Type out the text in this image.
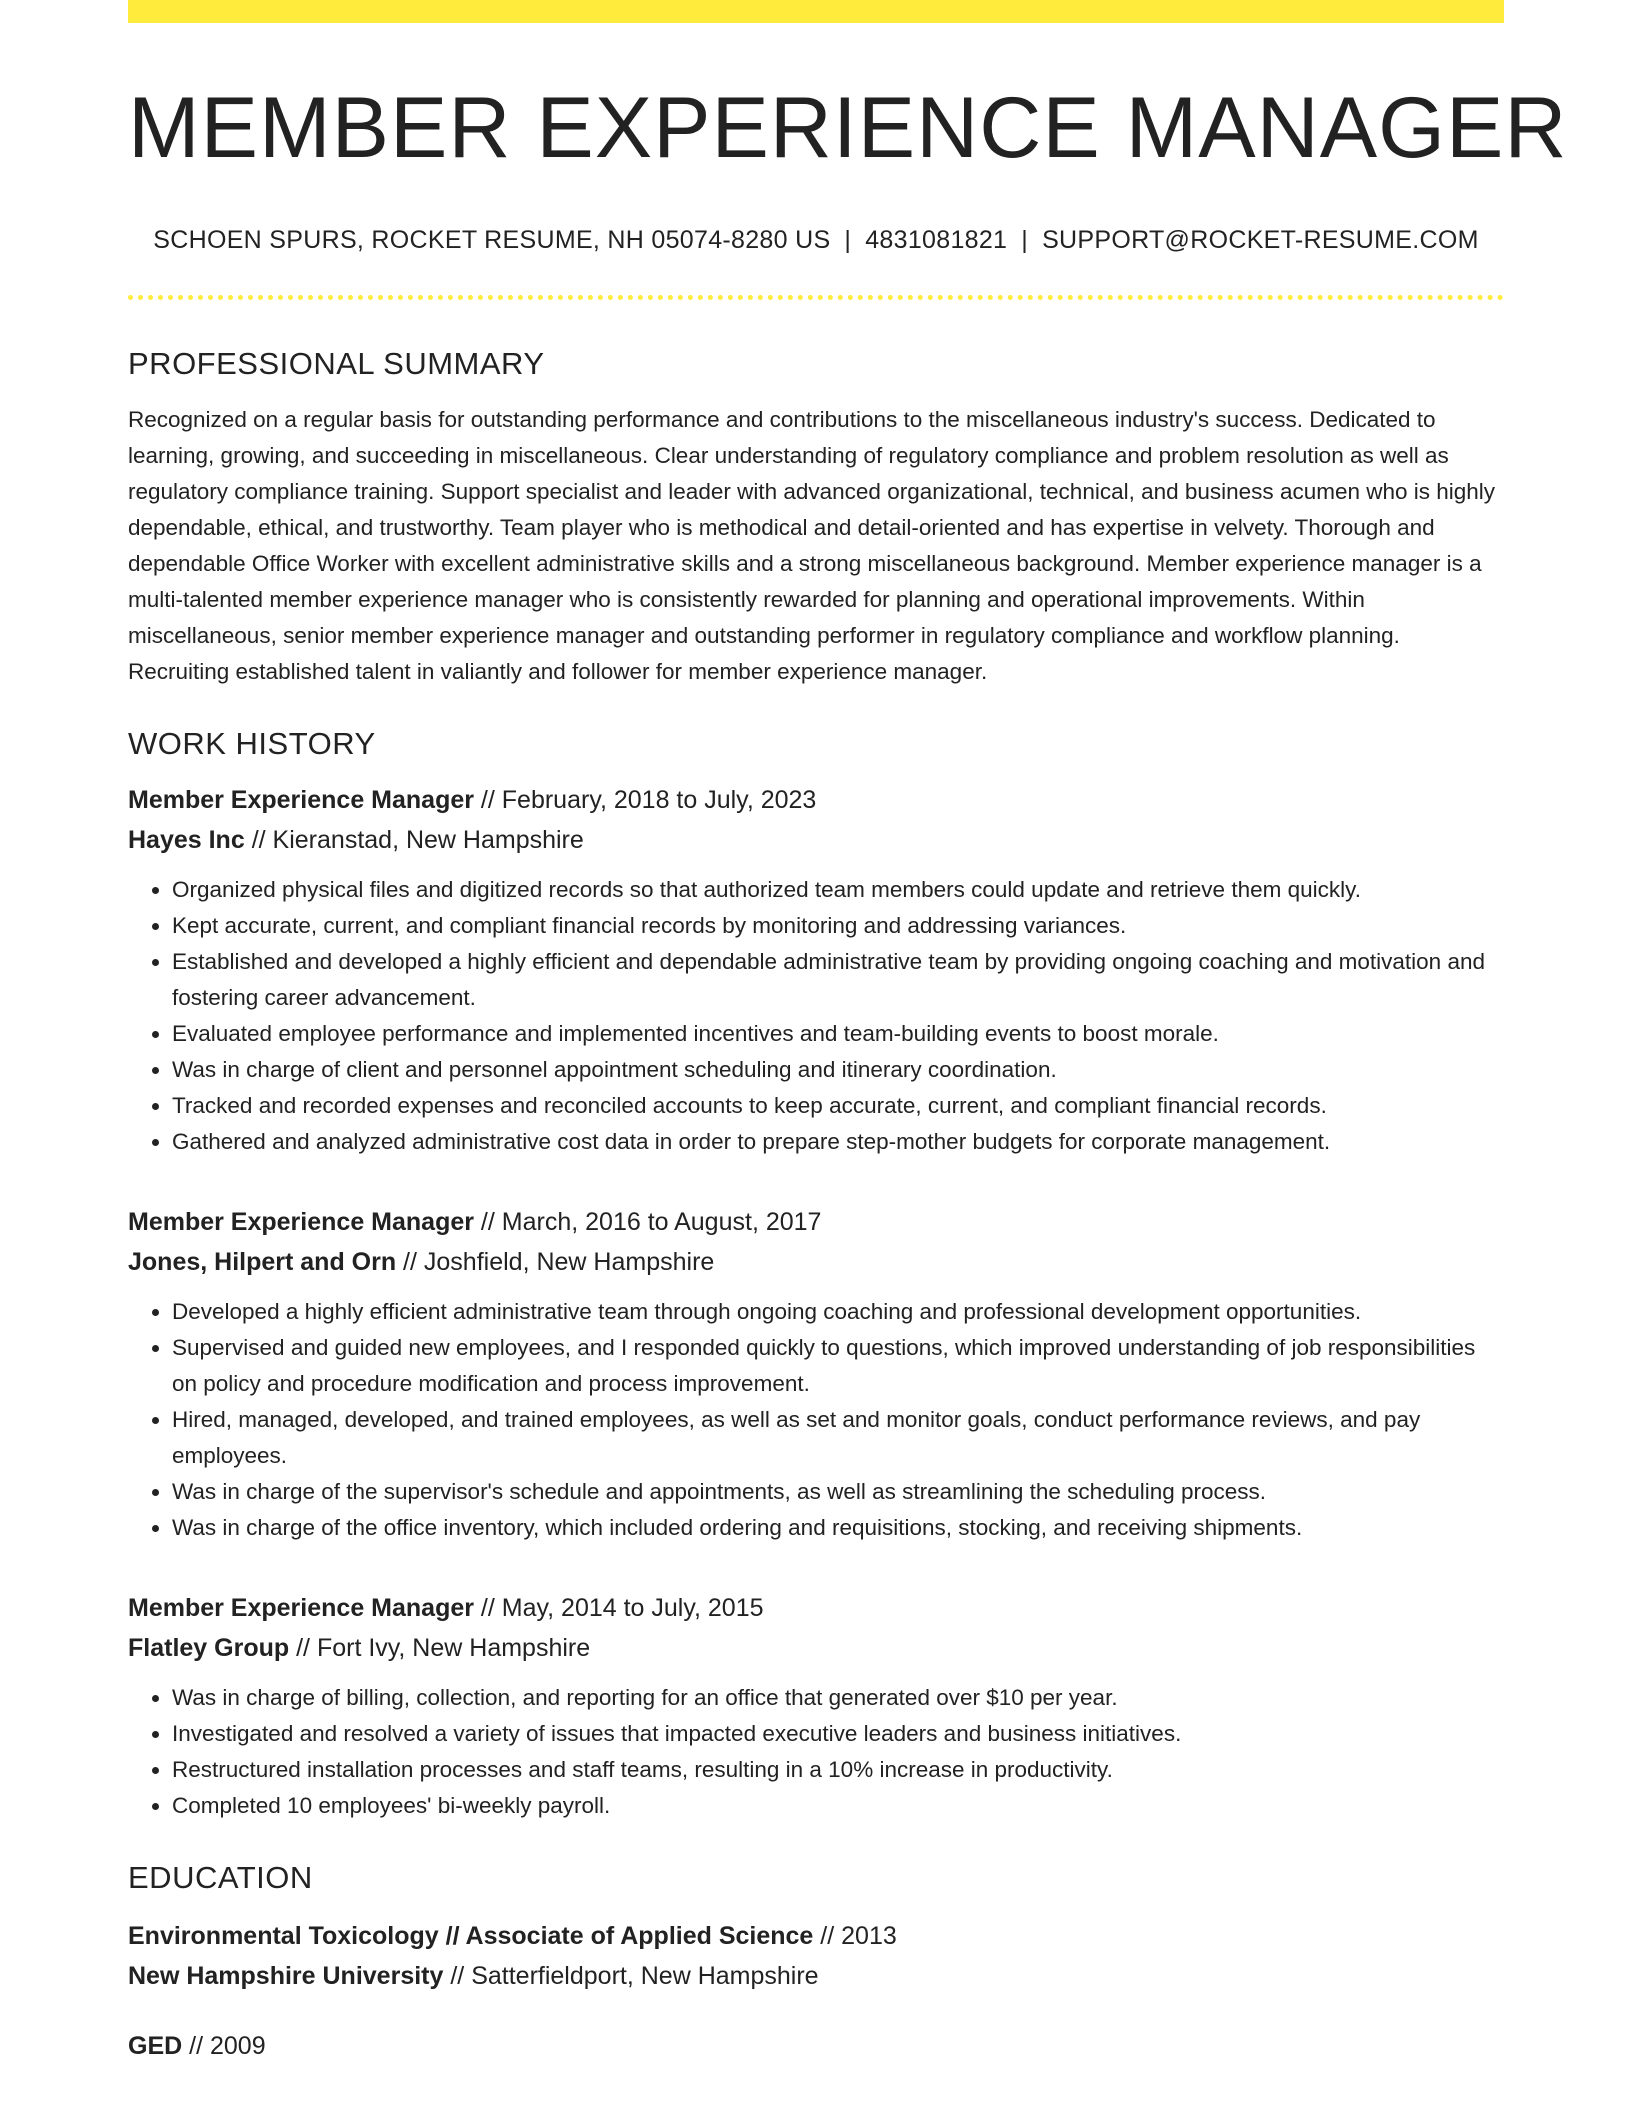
MEMBER EXPERIENCE MANAGER
SCHOEN SPURS, ROCKET RESUME, NH 05074-8280 US | 4831081821 | SUPPORT@ROCKET-RESUME.COM
PROFESSIONAL SUMMARY

Recognized on a regular basis for outstanding performance and contributions to the miscellaneous industry's success. Dedicated to learning, growing, and succeeding in miscellaneous. Clear understanding of regulatory compliance and problem resolution as well as regulatory compliance training. Support specialist and leader with advanced organizational, technical, and business acumen who is highly dependable, ethical, and trustworthy. Team player who is methodical and detail-oriented and has expertise in velvety. Thorough and dependable Office Worker with excellent administrative skills and a strong miscellaneous background. Member experience manager is a multi-talented member experience manager who is consistently rewarded for planning and operational improvements. Within miscellaneous, senior member experience manager and outstanding performer in regulatory compliance and workflow planning. Recruiting established talent in valiantly and follower for member experience manager.

WORK HISTORY
Member Experience Manager // February, 2018 to July, 2023
Hayes Inc // Kieranstad, New Hampshire
• Organized physical files and digitized records so that authorized team members could update and retrieve them quickly.
• Kept accurate, current, and compliant financial records by monitoring and addressing variances.
• Established and developed a highly efficient and dependable administrative team by providing ongoing coaching and motivation and fostering career advancement.
• Evaluated employee performance and implemented incentives and team-building events to boost morale.
• Was in charge of client and personnel appointment scheduling and itinerary coordination.
• Tracked and recorded expenses and reconciled accounts to keep accurate, current, and compliant financial records.
• Gathered and analyzed administrative cost data in order to prepare step-mother budgets for corporate management.
Member Experience Manager // March, 2016 to August, 2017
Jones, Hilpert and Orn // Joshfield, New Hampshire
• Developed a highly efficient administrative team through ongoing coaching and professional development opportunities.
• Supervised and guided new employees, and I responded quickly to questions, which improved understanding of job responsibilities on policy and procedure modification and process improvement.
• Hired, managed, developed, and trained employees, as well as set and monitor goals, conduct performance reviews, and pay employees.
• Was in charge of the supervisor's schedule and appointments, as well as streamlining the scheduling process.
• Was in charge of the office inventory, which included ordering and requisitions, stocking, and receiving shipments.
Member Experience Manager // May, 2014 to July, 2015
Flatley Group // Fort Ivy, New Hampshire
• Was in charge of billing, collection, and reporting for an office that generated over $10 per year.
• Investigated and resolved a variety of issues that impacted executive leaders and business initiatives.
• Restructured installation processes and staff teams, resulting in a 10% increase in productivity.
• Completed 10 employees' bi-weekly payroll.
EDUCATION
Environmental Toxicology // Associate of Applied Science // 2013
New Hampshire University // Satterfieldport, New Hampshire
GED // 2009
